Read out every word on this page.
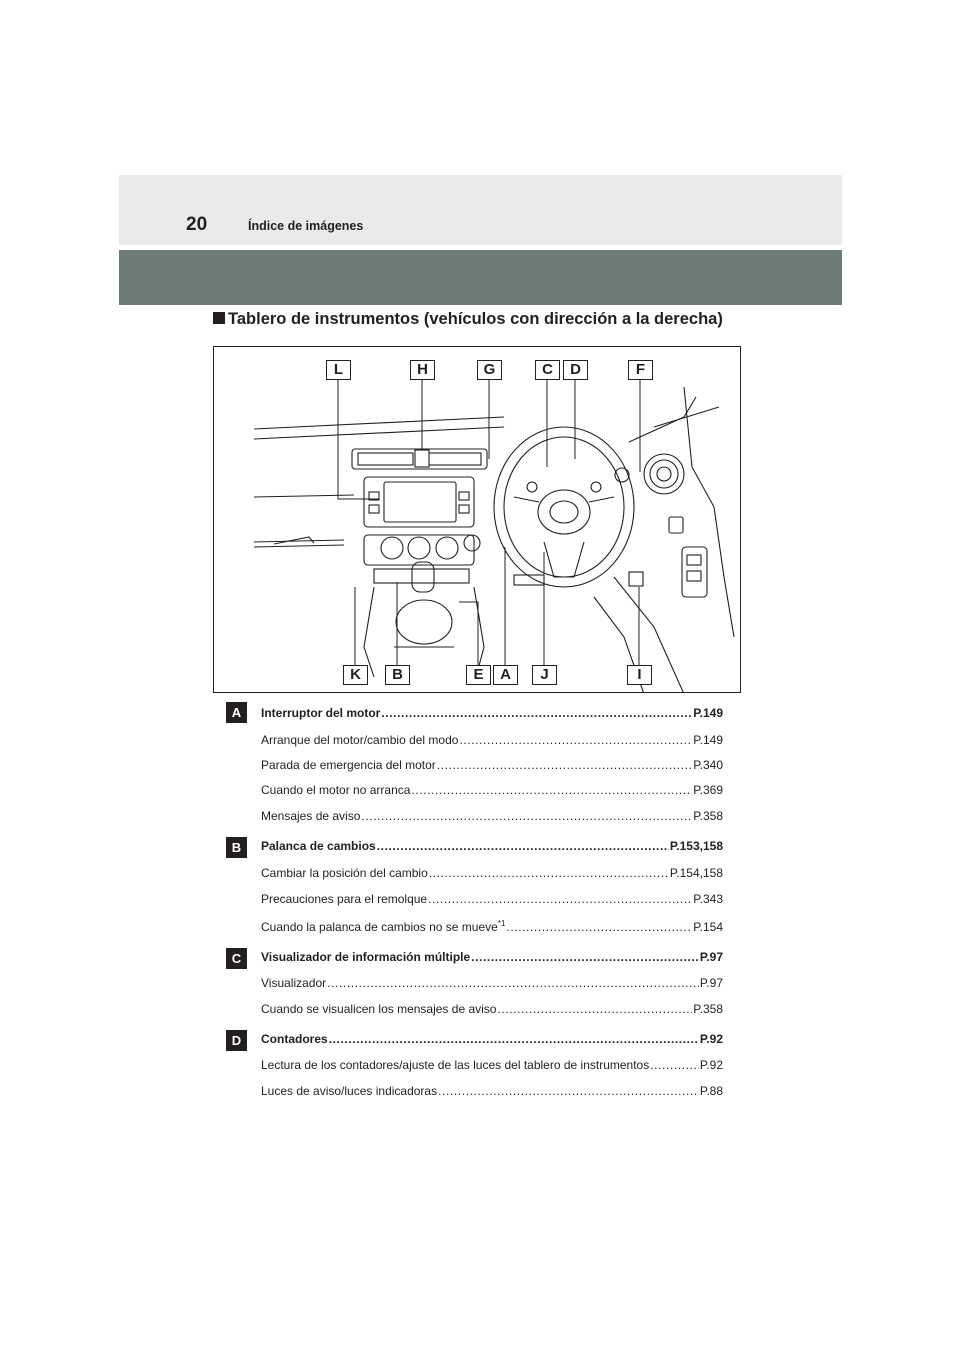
20	Índice de imágenes
Tablero de instrumentos (vehículos con dirección a la derecha)
L	H	G	C	D	F
K	B	E	A	J	I
A	Interruptor del motor .....	P.149
Arranque del motor/cambio del modo .....	P.149
Parada de emergencia del motor .....	P.340
Cuando el motor no arranca .....	P.369
Mensajes de aviso .....	P.358
B	Palanca de cambios .....	P.153,158
Cambiar la posición del cambio .....	P.154,158
Precauciones para el remolque .....	P.343
Cuando la palanca de cambios no se mueve$^{*1}$ .....	P.154
C	Visualizador de información múltiple .....	P.97
Visualizador .....	P.97
Cuando se visualicen los mensajes de aviso .....	P.358
D	Contadores .....	P.92
Lectura de los contadores/ajuste de las luces del tablero de instrumentos .....	P.92
Luces de aviso/luces indicadoras .....	P.88
